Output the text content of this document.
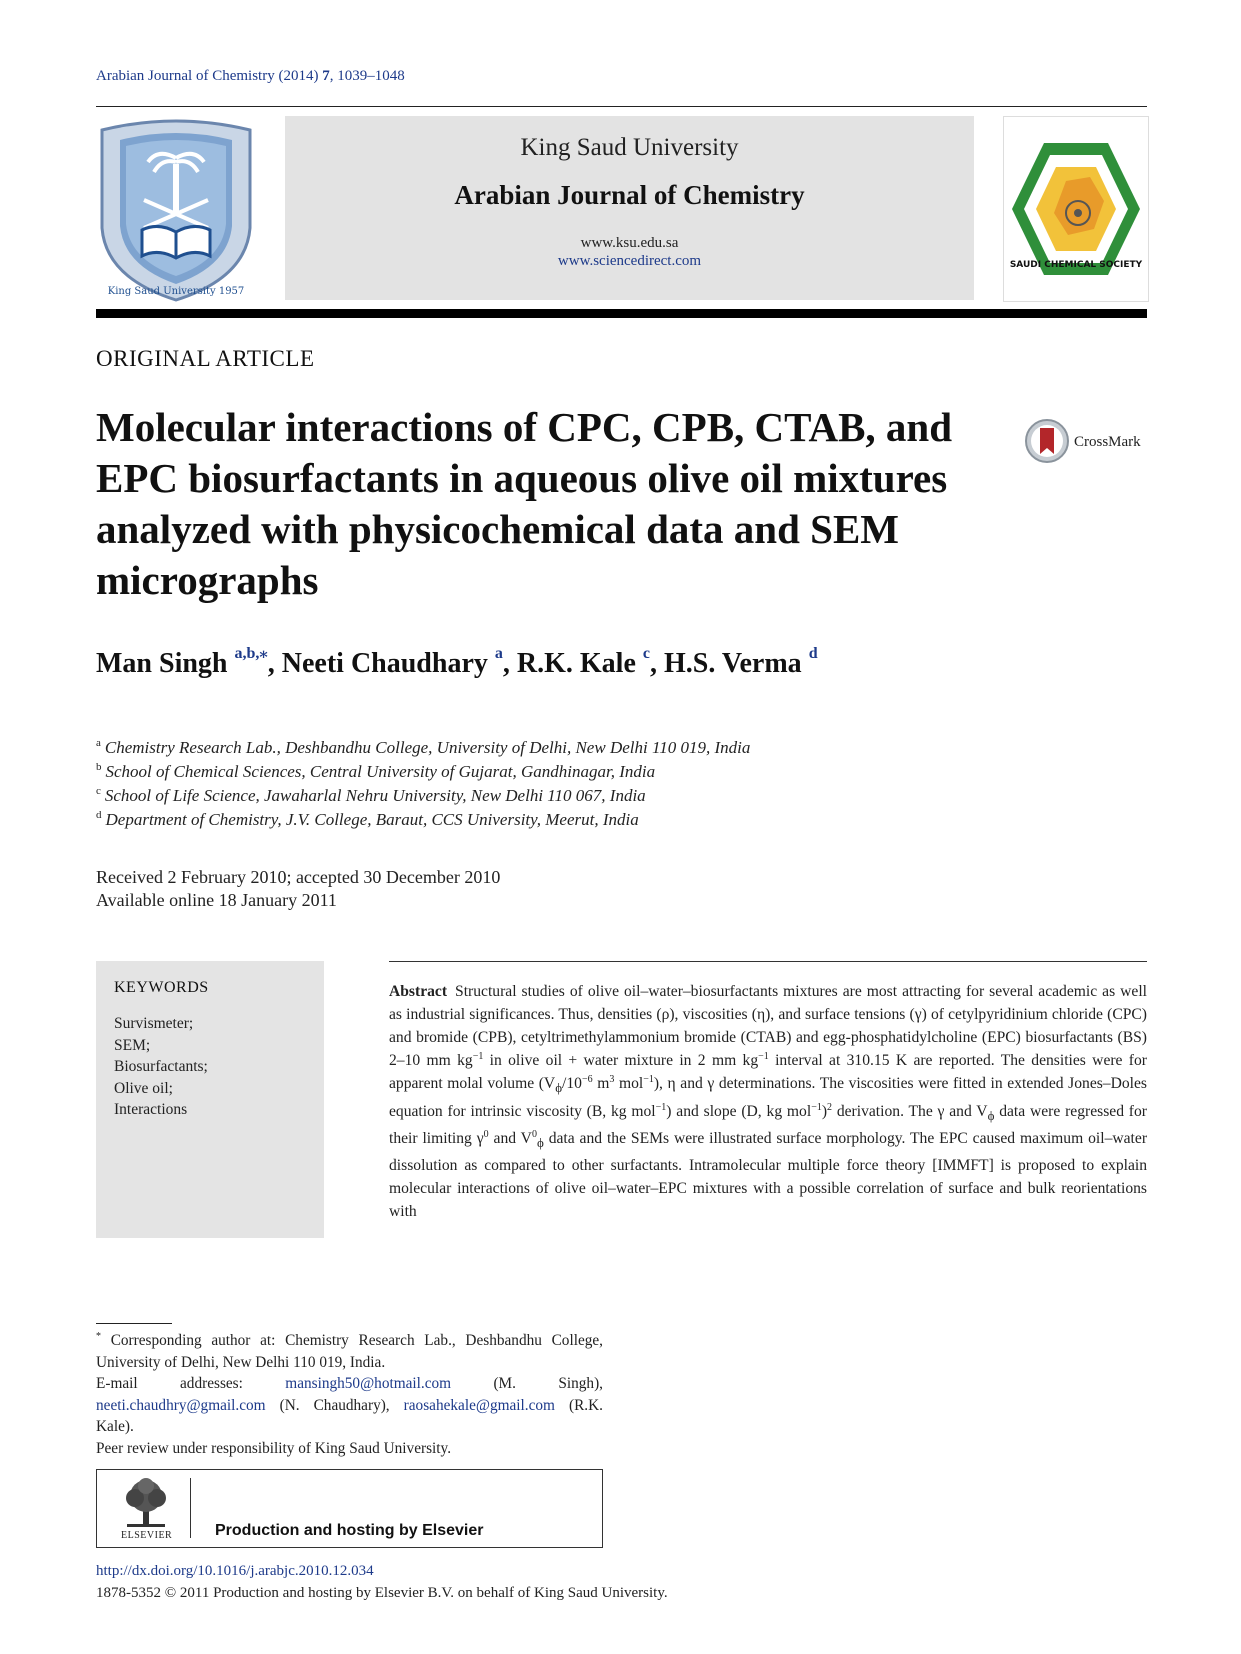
Arabian Journal of Chemistry (2014) 7, 1039–1048
King Saud University 1957
King Saud University
Arabian Journal of Chemistry
www.ksu.edu.sa
www.sciencedirect.com	SAUDI CHEMICAL SOCIETY
ORIGINAL ARTICLE
Molecular interactions of CPC, CPB, CTAB, and EPC biosurfactants in aqueous olive oil mixtures analyzed with physicochemical data and SEM micrographs
CrossMark
Man Singh $^{a,b,⁎}$, Neeti Chaudhary $^a$, R.K. Kale $^c$, H.S. Verma $^d$
$^a$ Chemistry Research Lab., Deshbandhu College, University of Delhi, New Delhi 110 019, India
$^b$ School of Chemical Sciences, Central University of Gujarat, Gandhinagar, India
$^c$ School of Life Science, Jawaharlal Nehru University, New Delhi 110 067, India
$^d$ Department of Chemistry, J.V. College, Baraut, CCS University, Meerut, India
Received 2 February 2010; accepted 30 December 2010
Available online 18 January 2011
KEYWORDS
Survismeter;
SEM;
Biosurfactants;
Olive oil;
Interactions
Abstract Structural studies of olive oil–water–biosurfactants mixtures are most attracting for several academic as well as industrial significances. Thus, densities (ρ), viscosities (η), and surface tensions (γ) of cetylpyridinium chloride (CPC) and bromide (CPB), cetyltrimethylammonium bromide (CTAB) and egg-phosphatidylcholine (EPC) biosurfactants (BS) 2–10 mm $kg^{-1}$ in olive oil + water mixture in 2 mm $kg^{-1}$ interval at 310.15 K are reported. The densities were for apparent molal volume ($V_\phi/10^{-6}$ $m^3$ mol$^{-1}$), η and γ determinations. The viscosities were fitted in extended Jones–Doles equation for intrinsic viscosity (B, kg mol$^{-1}$) and slope (D, kg mol$^{-1}$)$^2$ derivation. The γ and $V_\phi$ data were regressed for their limiting $\gamma^0$ and $V^0_\phi$ data and the SEMs were illustrated surface morphology. The EPC caused maximum oil–water dissolution as compared to other surfactants. Intramolecular multiple force theory [IMMFT] is proposed to explain molecular interactions of olive oil–water–EPC mixtures with a possible correlation of surface and bulk reorientations with
* Corresponding author at: Chemistry Research Lab., Deshbandhu College, University of Delhi, New Delhi 110 019, India.
E-mail addresses: mansingh50@hotmail.com (M. Singh), neeti.chaudhry@gmail.com (N. Chaudhary), raosahekale@gmail.com (R.K. Kale).
Peer review under responsibility of King Saud University.
ELSEVIER	Production and hosting by Elsevier
http://dx.doi.org/10.1016/j.arabjc.2010.12.034
1878-5352 © 2011 Production and hosting by Elsevier B.V. on behalf of King Saud University.
